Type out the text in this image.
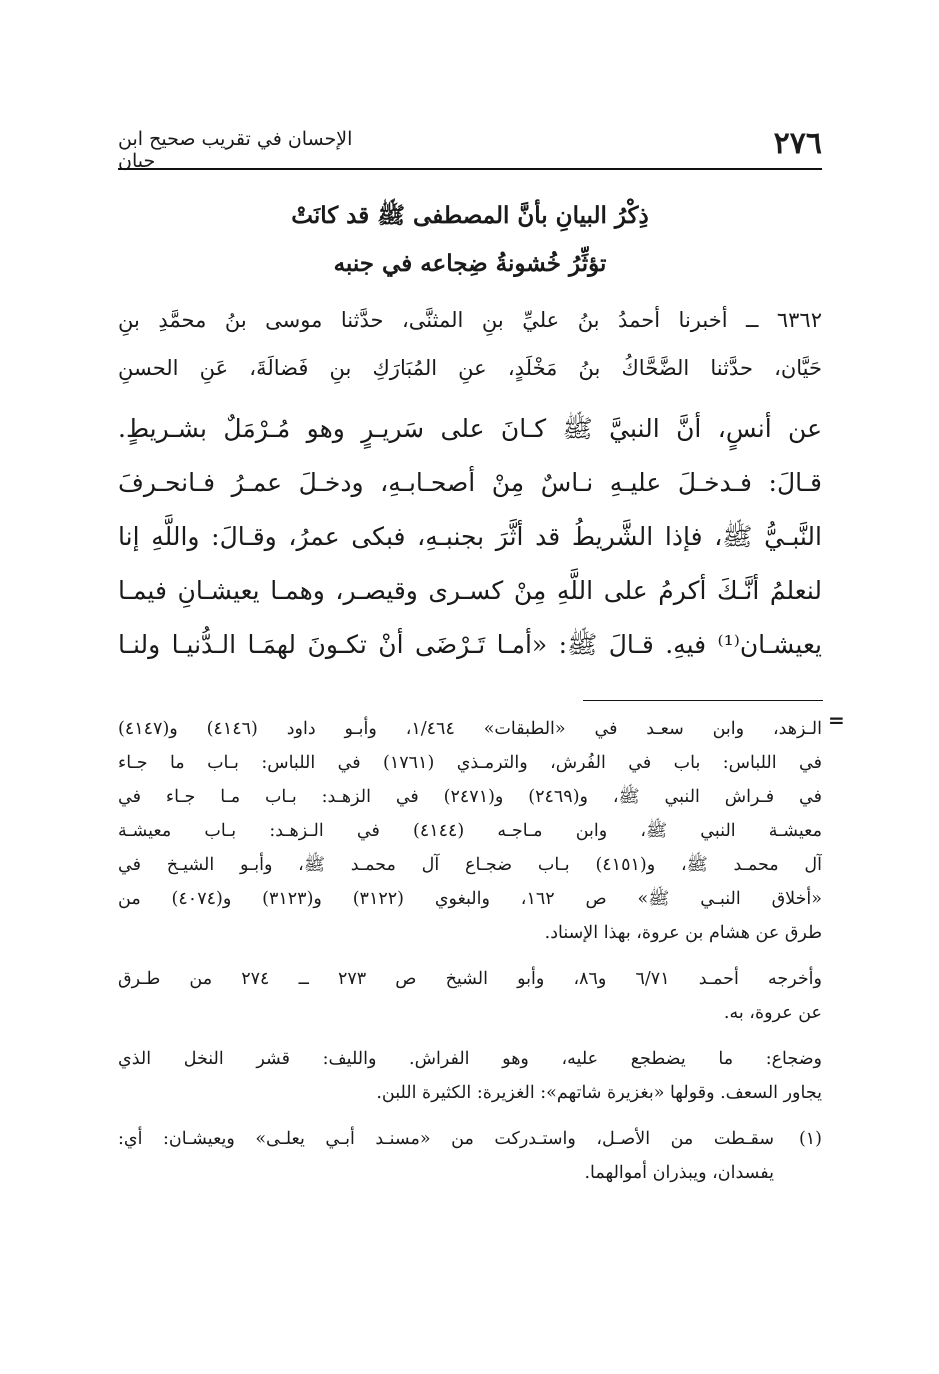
٢٧٦
الإحسان في تقريب صحيح ابن حبان
ذِكْرُ البيانِ بأنَّ المصطفى ﷺ قد كانَتْ
تؤثِّرُ خُشونةُ ضِجاعه في جنبه
٦٣٦٢ ــ أخبرنا أحمدُ بنُ عليِّ بنِ المثنَّى، حدَّثنا موسى بنُ محمَّدِ بنِ
حَيَّان، حدَّثنا الضَّحَّاكُ بنُ مَخْلَدٍ، عنِ المُبَارَكِ بنِ فَضالَةَ، عَنِ الحسنِ
عن أنسٍ، أنَّ النبيَّ ﷺ كـانَ على سَريـرٍ وهو مُـرْمَلٌ بشـريطٍ.
قـالَ: فـدخـلَ عليـهِ نـاسٌ مِنْ أصحـابـهِ، ودخـلَ عمـرُ فـانحـرفَ
النَّبـيُّ ﷺ، فإذا الشَّريطُ قد أثَّرَ بجنبـهِ، فبكى عمرُ، وقـالَ: واللَّهِ إنا
لنعلمُ أنَّـكَ أكرمُ على اللَّهِ مِنْ كسـرى وقيصـر، وهمـا يعيشـانِ فيمـا
يعيشـان⁽¹⁾ فيهِ. قـالَ ﷺ: «أمـا تَـرْضَى أنْ تكـونَ لهمَـا الـدُّنيـا ولنـا
=
الـزهد، وابن سعـد في «الطبقات» ١/٤٦٤، وأبـو داود (٤١٤٦) و(٤١٤٧)
في اللباس: باب في الفُرش، والترمـذي (١٧٦١) في اللباس: بـاب ما جـاء
في فـراش النبي ﷺ، و(٢٤٦٩) و(٢٤٧١) في الزهـد: بـاب مـا جـاء في
معيشـة النبي ﷺ، وابن مـاجـه (٤١٤٤) في الـزهـد: بـاب معيشـة
آل محمـد ﷺ، و(٤١٥١) بـاب ضجـاع آل محمـد ﷺ، وأبـو الشيـخ في
«أخلاق النبـي ﷺ» ص ١٦٢، والبغوي (٣١٢٢) و(٣١٢٣) و(٤٠٧٤) من
طرق عن هشام بن عروة، بهذا الإسناد.
وأخرجه أحمـد ٦/٧١ و٨٦، وأبو الشيخ ص ٢٧٣ ــ ٢٧٤ من طـرق
عن عروة، به.
وضجاع: ما يضطجع عليه، وهو الفراش. والليف: قشر النخل الذي
يجاور السعف. وقولها «بغزيرة شاتهم»: الغزيرة: الكثيرة اللبن.
(١)
سقـطت من الأصـل، واستـدركت من «مسنـد أبـي يعلـى» ويعيشـان: أي:
يفسدان، ويبذران أموالهما.
